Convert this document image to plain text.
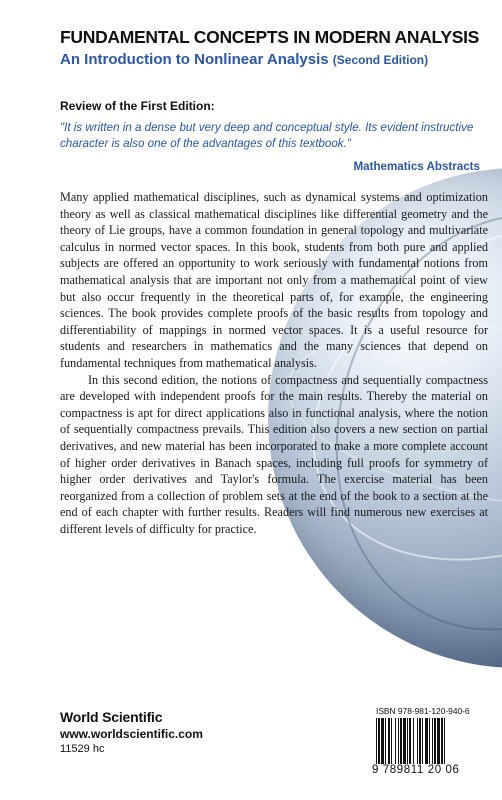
FUNDAMENTAL CONCEPTS IN MODERN ANALYSIS
An Introduction to Nonlinear Analysis (Second Edition)
Review of the First Edition:

"It is written in a dense but very deep and conceptual style. Its evident instructive character is also one of the advantages of this textbook."

Mathematics Abstracts

Many applied mathematical disciplines, such as dynamical systems and optimization theory as well as classical mathematical disciplines like differential geometry and the theory of Lie groups, have a common foundation in general topology and multivariate calculus in normed vector spaces. In this book, students from both pure and applied subjects are offered an opportunity to work seriously with fundamental notions from mathematical analysis that are important not only from a mathematical point of view but also occur frequently in the theoretical parts of, for example, the engineering sciences. The book provides complete proofs of the basic results from topology and differentiability of mappings in normed vector spaces. It is a useful resource for students and researchers in mathematics and the many sciences that depend on fundamental techniques from mathematical analysis.

In this second edition, the notions of compactness and sequentially compactness are developed with independent proofs for the main results. Thereby the material on compactness is apt for direct applications also in functional analysis, where the notion of sequentially compactness prevails. This edition also covers a new section on partial derivatives, and new material has been incorporated to make a more complete account of higher order derivatives in Banach spaces, including full proofs for symmetry of higher order derivatives and Taylor's formula. The exercise material has been reorganized from a collection of problem sets at the end of the book to a section at the end of each chapter with further results. Readers will find numerous new exercises at different levels of difficulty for practice.

World Scientific
www.worldscientific.com
11529 hc
ISBN 978-981-120-940-6
9 789811 20 06
